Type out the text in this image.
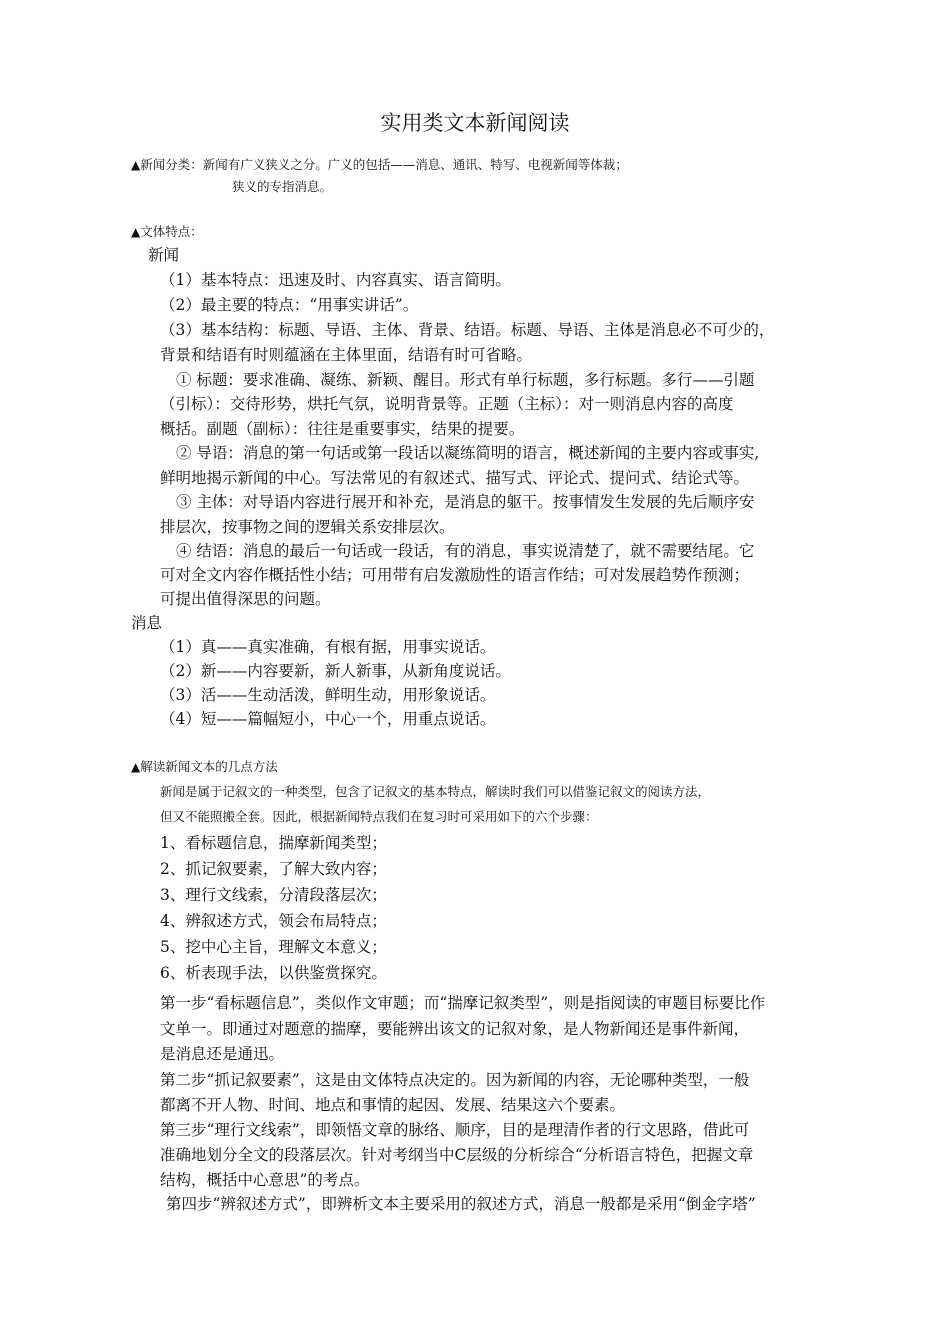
实用类文本新闻阅读
▲新闻分类：新闻有广义狭义之分。广义的包括——消息、通讯、特写、电视新闻等体裁；
狭义的专指消息。
▲文体特点：
新闻
（1）基本特点：迅速及时、内容真实、语言简明。
（2）最主要的特点：“用事实讲话”。
（3）基本结构：标题、导语、主体、背景、结语。标题、导语、主体是消息必不可少的，
背景和结语有时则蕴涵在主体里面，结语有时可省略。
① 标题：要求准确、凝练、新颖、醒目。形式有单行标题，多行标题。多行——引题
（引标）：交待形势，烘托气氛，说明背景等。正题（主标）：对一则消息内容的高度
概括。副题（副标）：往往是重要事实，结果的提要。
② 导语：消息的第一句话或第一段话以凝练简明的语言，概述新闻的主要内容或事实,
鲜明地揭示新闻的中心。写法常见的有叙述式、描写式、评论式、提问式、结论式等。
③ 主体：对导语内容进行展开和补充，是消息的躯干。按事情发生发展的先后顺序安
排层次，按事物之间的逻辑关系安排层次。
④ 结语：消息的最后一句话或一段话，有的消息，事实说清楚了，就不需要结尾。它
可对全文内容作概括性小结；可用带有启发激励性的语言作结；可对发展趋势作预测；
可提出值得深思的问题。
消息
（1）真——真实准确，有根有据，用事实说话。
（2）新——内容要新，新人新事，从新角度说话。
（3）活——生动活泼，鲜明生动，用形象说话。
（4）短——篇幅短小，中心一个，用重点说话。
▲解读新闻文本的几点方法
新闻是属于记叙文的一种类型，包含了记叙文的基本特点，解读时我们可以借鉴记叙文的阅读方法，
但又不能照搬全套。因此，根据新闻特点我们在复习时可采用如下的六个步骤：
1、看标题信息，揣摩新闻类型；
2、抓记叙要素，了解大致内容；
3、理行文线索，分清段落层次；
4、辨叙述方式，领会布局特点；
5、挖中心主旨，理解文本意义；
6、析表现手法，以供鉴赏探究。
第一步“看标题信息”，类似作文审题；而“揣摩记叙类型”，则是指阅读的审题目标要比作
文单一。即通过对题意的揣摩，要能辨出该文的记叙对象，是人物新闻还是事件新闻，
是消息还是通迅。
第二步“抓记叙要素”，这是由文体特点决定的。因为新闻的内容，无论哪种类型，一般
都离不开人物、时间、地点和事情的起因、发展、结果这六个要素。
第三步“理行文线索”，即领悟文章的脉络、顺序，目的是理清作者的行文思路，借此可
准确地划分全文的段落层次。针对考纲当中C层级的分析综合“分析语言特色，把握文章
结构，概括中心意思”的考点。
第四步“辨叙述方式”，即辨析文本主要采用的叙述方式，消息一般都是采用“倒金字塔”
